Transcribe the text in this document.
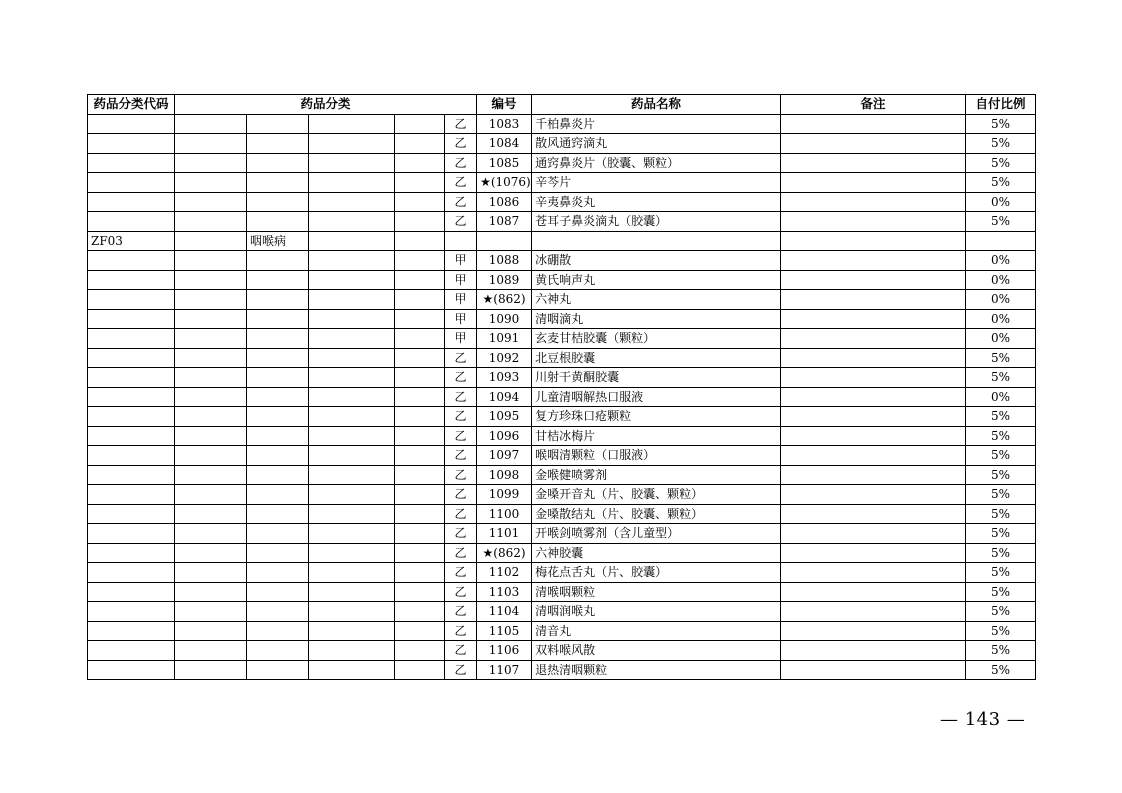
药品分类代码	药品分类					编号	药品名称	备注	自付比例
					乙	1083	千柏鼻炎片		5%
					乙	1084	散风通窍滴丸		5%
					乙	1085	通窍鼻炎片（胶囊、颗粒）		5%
					乙	★(1076)	辛芩片		5%
					乙	1086	辛夷鼻炎丸		0%
					乙	1087	苍耳子鼻炎滴丸（胶囊）		5%
ZF03		咽喉病							
					甲	1088	冰硼散		0%
					甲	1089	黄氏响声丸		0%
					甲	★(862)	六神丸		0%
					甲	1090	清咽滴丸		0%
					甲	1091	玄麦甘桔胶囊（颗粒）		0%
					乙	1092	北豆根胶囊		5%
					乙	1093	川射干黄酮胶囊		5%
					乙	1094	儿童清咽解热口服液		0%
					乙	1095	复方珍珠口疮颗粒		5%
					乙	1096	甘桔冰梅片		5%
					乙	1097	喉咽清颗粒（口服液）		5%
					乙	1098	金喉健喷雾剂		5%
					乙	1099	金嗓开音丸（片、胶囊、颗粒）		5%
					乙	1100	金嗓散结丸（片、胶囊、颗粒）		5%
					乙	1101	开喉剑喷雾剂（含儿童型）		5%
					乙	★(862)	六神胶囊		5%
					乙	1102	梅花点舌丸（片、胶囊）		5%
					乙	1103	清喉咽颗粒		5%
					乙	1104	清咽润喉丸		5%
					乙	1105	清音丸		5%
					乙	1106	双料喉风散		5%
					乙	1107	退热清咽颗粒		5%
— 143 —
